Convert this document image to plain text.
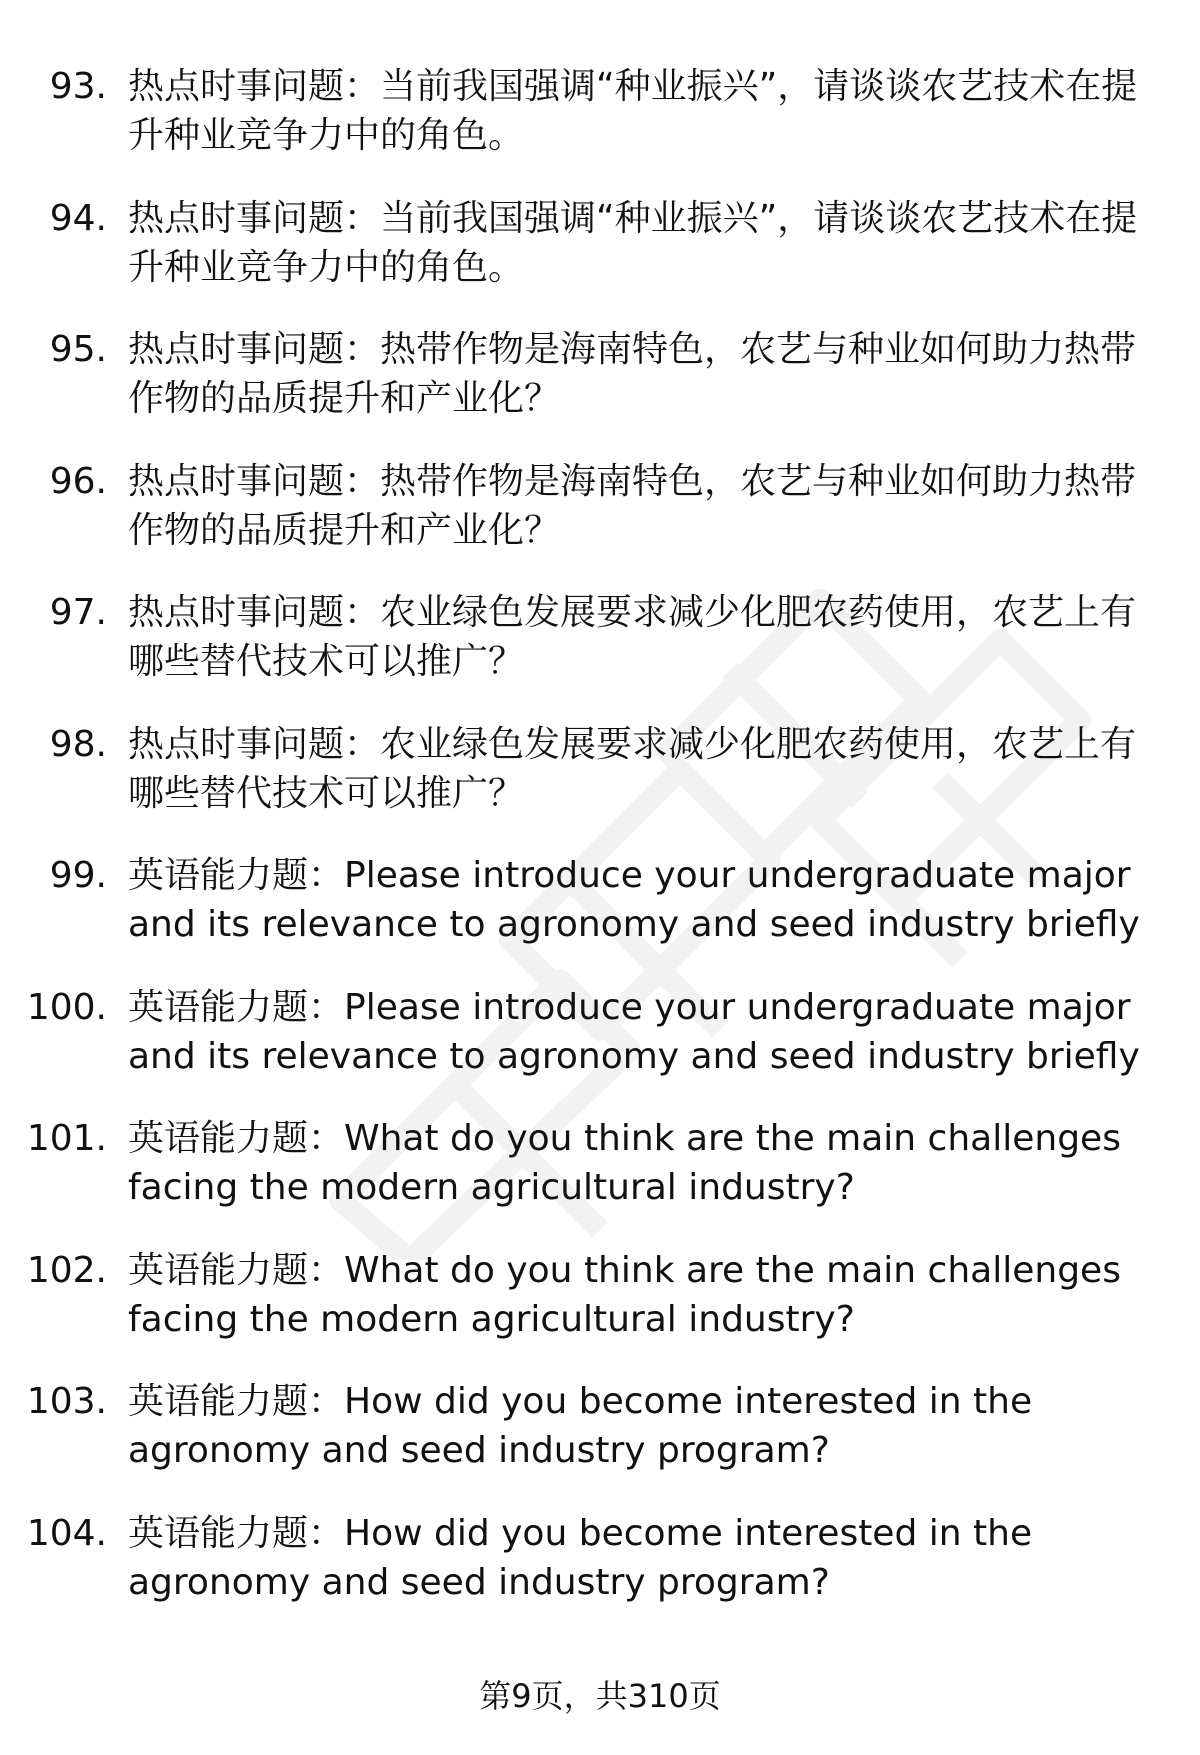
93. 热点时事问题：当前我国强调“种业振兴”，请谈谈农艺技术在提升种业竞争力中的角色。

94. 热点时事问题：当前我国强调“种业振兴”，请谈谈农艺技术在提升种业竞争力中的角色。

95. 热点时事问题：热带作物是海南特色，农艺与种业如何助力热带作物的品质提升和产业化？

96. 热点时事问题：热带作物是海南特色，农艺与种业如何助力热带作物的品质提升和产业化？

97. 热点时事问题：农业绿色发展要求减少化肥农药使用，农艺上有哪些替代技术可以推广？

98. 热点时事问题：农业绿色发展要求减少化肥农药使用，农艺上有哪些替代技术可以推广？

99. 英语能力题：Please introduce your undergraduate major and its relevance to agronomy and seed industry briefly

100. 英语能力题：Please introduce your undergraduate major and its relevance to agronomy and seed industry briefly

101. 英语能力题：What do you think are the main challenges facing the modern agricultural industry?

102. 英语能力题：What do you think are the main challenges facing the modern agricultural industry?

103. 英语能力题：How did you become interested in the agronomy and seed industry program?

104. 英语能力题：How did you become interested in the agronomy and seed industry program?

第9页，共310页
